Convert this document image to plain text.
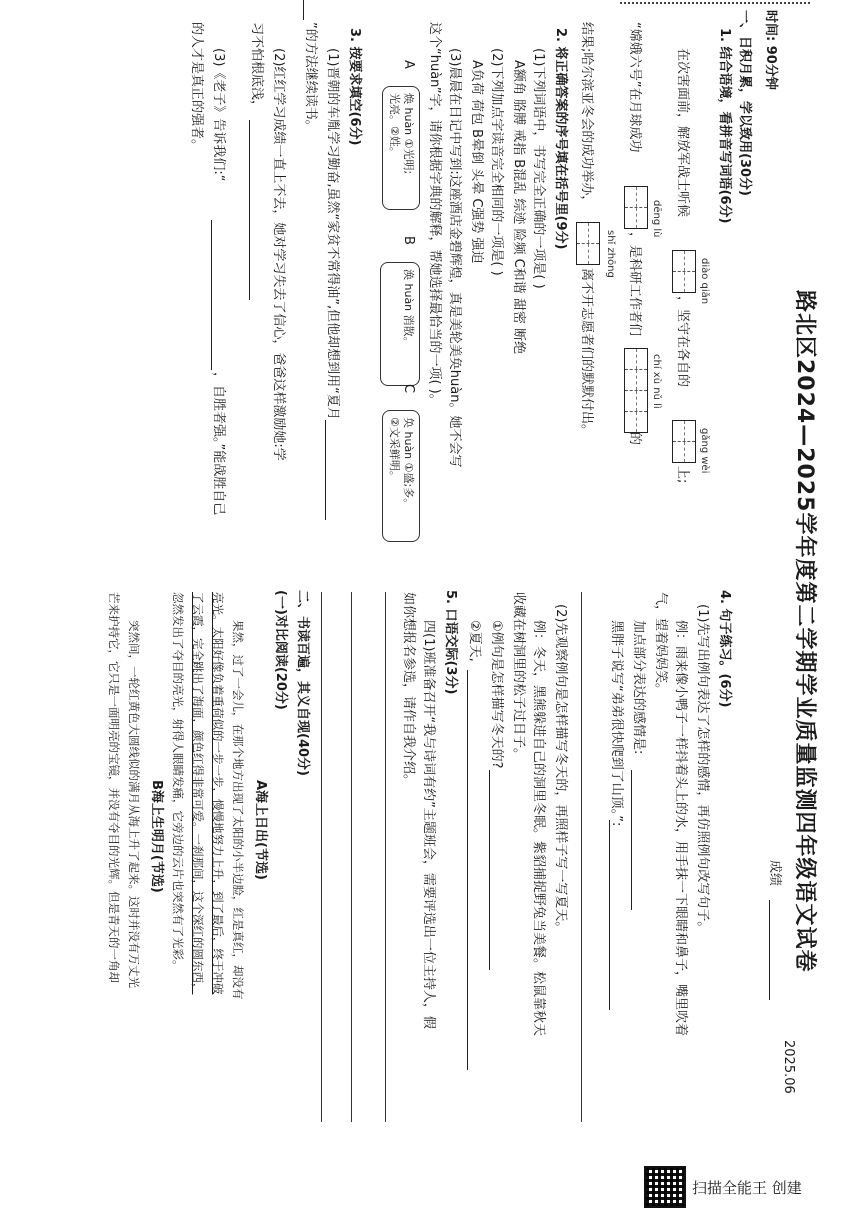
路北区2024—2025学年度第二学期学业质量监测四年级语文试卷
成绩
2025.06
时间: 90分钟
一、日积月累，学以致用(30分)
1. 结合语境，看拼音写词语(6分)
在次害面前，解放军战士听候
diào qiǎn
，坚守在各自的
gǎng wèi
上;
“嫦娥六号”在月球成功
dēng lù
，是科研工作者们
chí xù nǔ lì
的
结果;哈尔滨亚冬会的成功举办，
shǐ zhōng
离不开志愿者们的默默付出。
2. 将正确答案的序号填在括号里(9分)
(1)下列词语中，书写完全正确的一项是( )
A额角 胳膊 戒指 B混乱 综迹 险频 C和谐 甜密 断绝
(2)下列加点字读音完全相同的一项是( )
A负荷 荷包 B晕倒 头晕 C强势 强迫
(3)晨晨在日记中写到:这座酒店金碧辉煌，真是美轮美奂huàn。她不会写
这个“huàn”字，请你根据字典的解释，帮她选择最恰当的一项( )。
A
焕 huàn ①光明;
光亮。②姓。
B
涣 huàn 消散。
C
奂 huàn ①盛;多。
②文采鲜明。
3. 按要求填空(6分)
(1)晋朝的车胤学习勤奋,虽然“家贫不常得油”,但他却想到用“夏月
”的方法继续读书。
(2)红红学习成绩一直上不去，她对学习失去了信心，爸爸这样激励她:学
习不怕根底浅，
(3)《老子》告诉我们:“
，自胜者强。”能战胜自己
的人才是真正的强者。
4. 句子练习。(6分)
(1)先写出例句表达了怎样的感情，再仿照例句改写句子。
例：雨来像小鸭子一样抖着头上的水，用手抹一下眼睛和鼻子，嘴里吹着
气，望着妈妈笑。
加点部分表达的感情是:
黑胖子说写“弟弟很快爬到了山顶。”:
(2)先观察例句是怎样描写冬天的，再照样子写一写夏天。
例：冬天，黑熊躲进自己的洞里冬眠。紫貂捕捉野兔当美餐。松鼠靠秋天
收藏在树洞里的松子过日子。
①例句是怎样描写冬天的?
②夏天,
5. 口语交际(3分)
四(1)班准备召开“我与诗词有约”主题班会，需要评选出一位主持人，假
如你想报名参选，请作自我介绍。
二、书读百遍，其义自现(40分)
(一)对比阅读(20分)
A海上日出(节选)
果然，过了一会儿，在那个地方出现了太阳的小半边脸，红是真红，却没有
亮光。太阳好像负着重荷似的一步一步，慢慢地努力上升，到了最后，终于冲破
了云霞，完全跳出了海面，颜色红得非常可爱。一刹那间，这个深红的圆东西，
忽然发出了夺目的亮光，射得人眼睛发痛，它旁边的云片也突然有了光彩。
B海上生明月(节选)
突然间，一轮红黄色大圆线似的满月从海上升了起来。这时并没有万丈光
芒来护持它，它只是一面明亮的宝镜，并没有夺目的光辉。但是青天的一角却
扫描全能王 创建
